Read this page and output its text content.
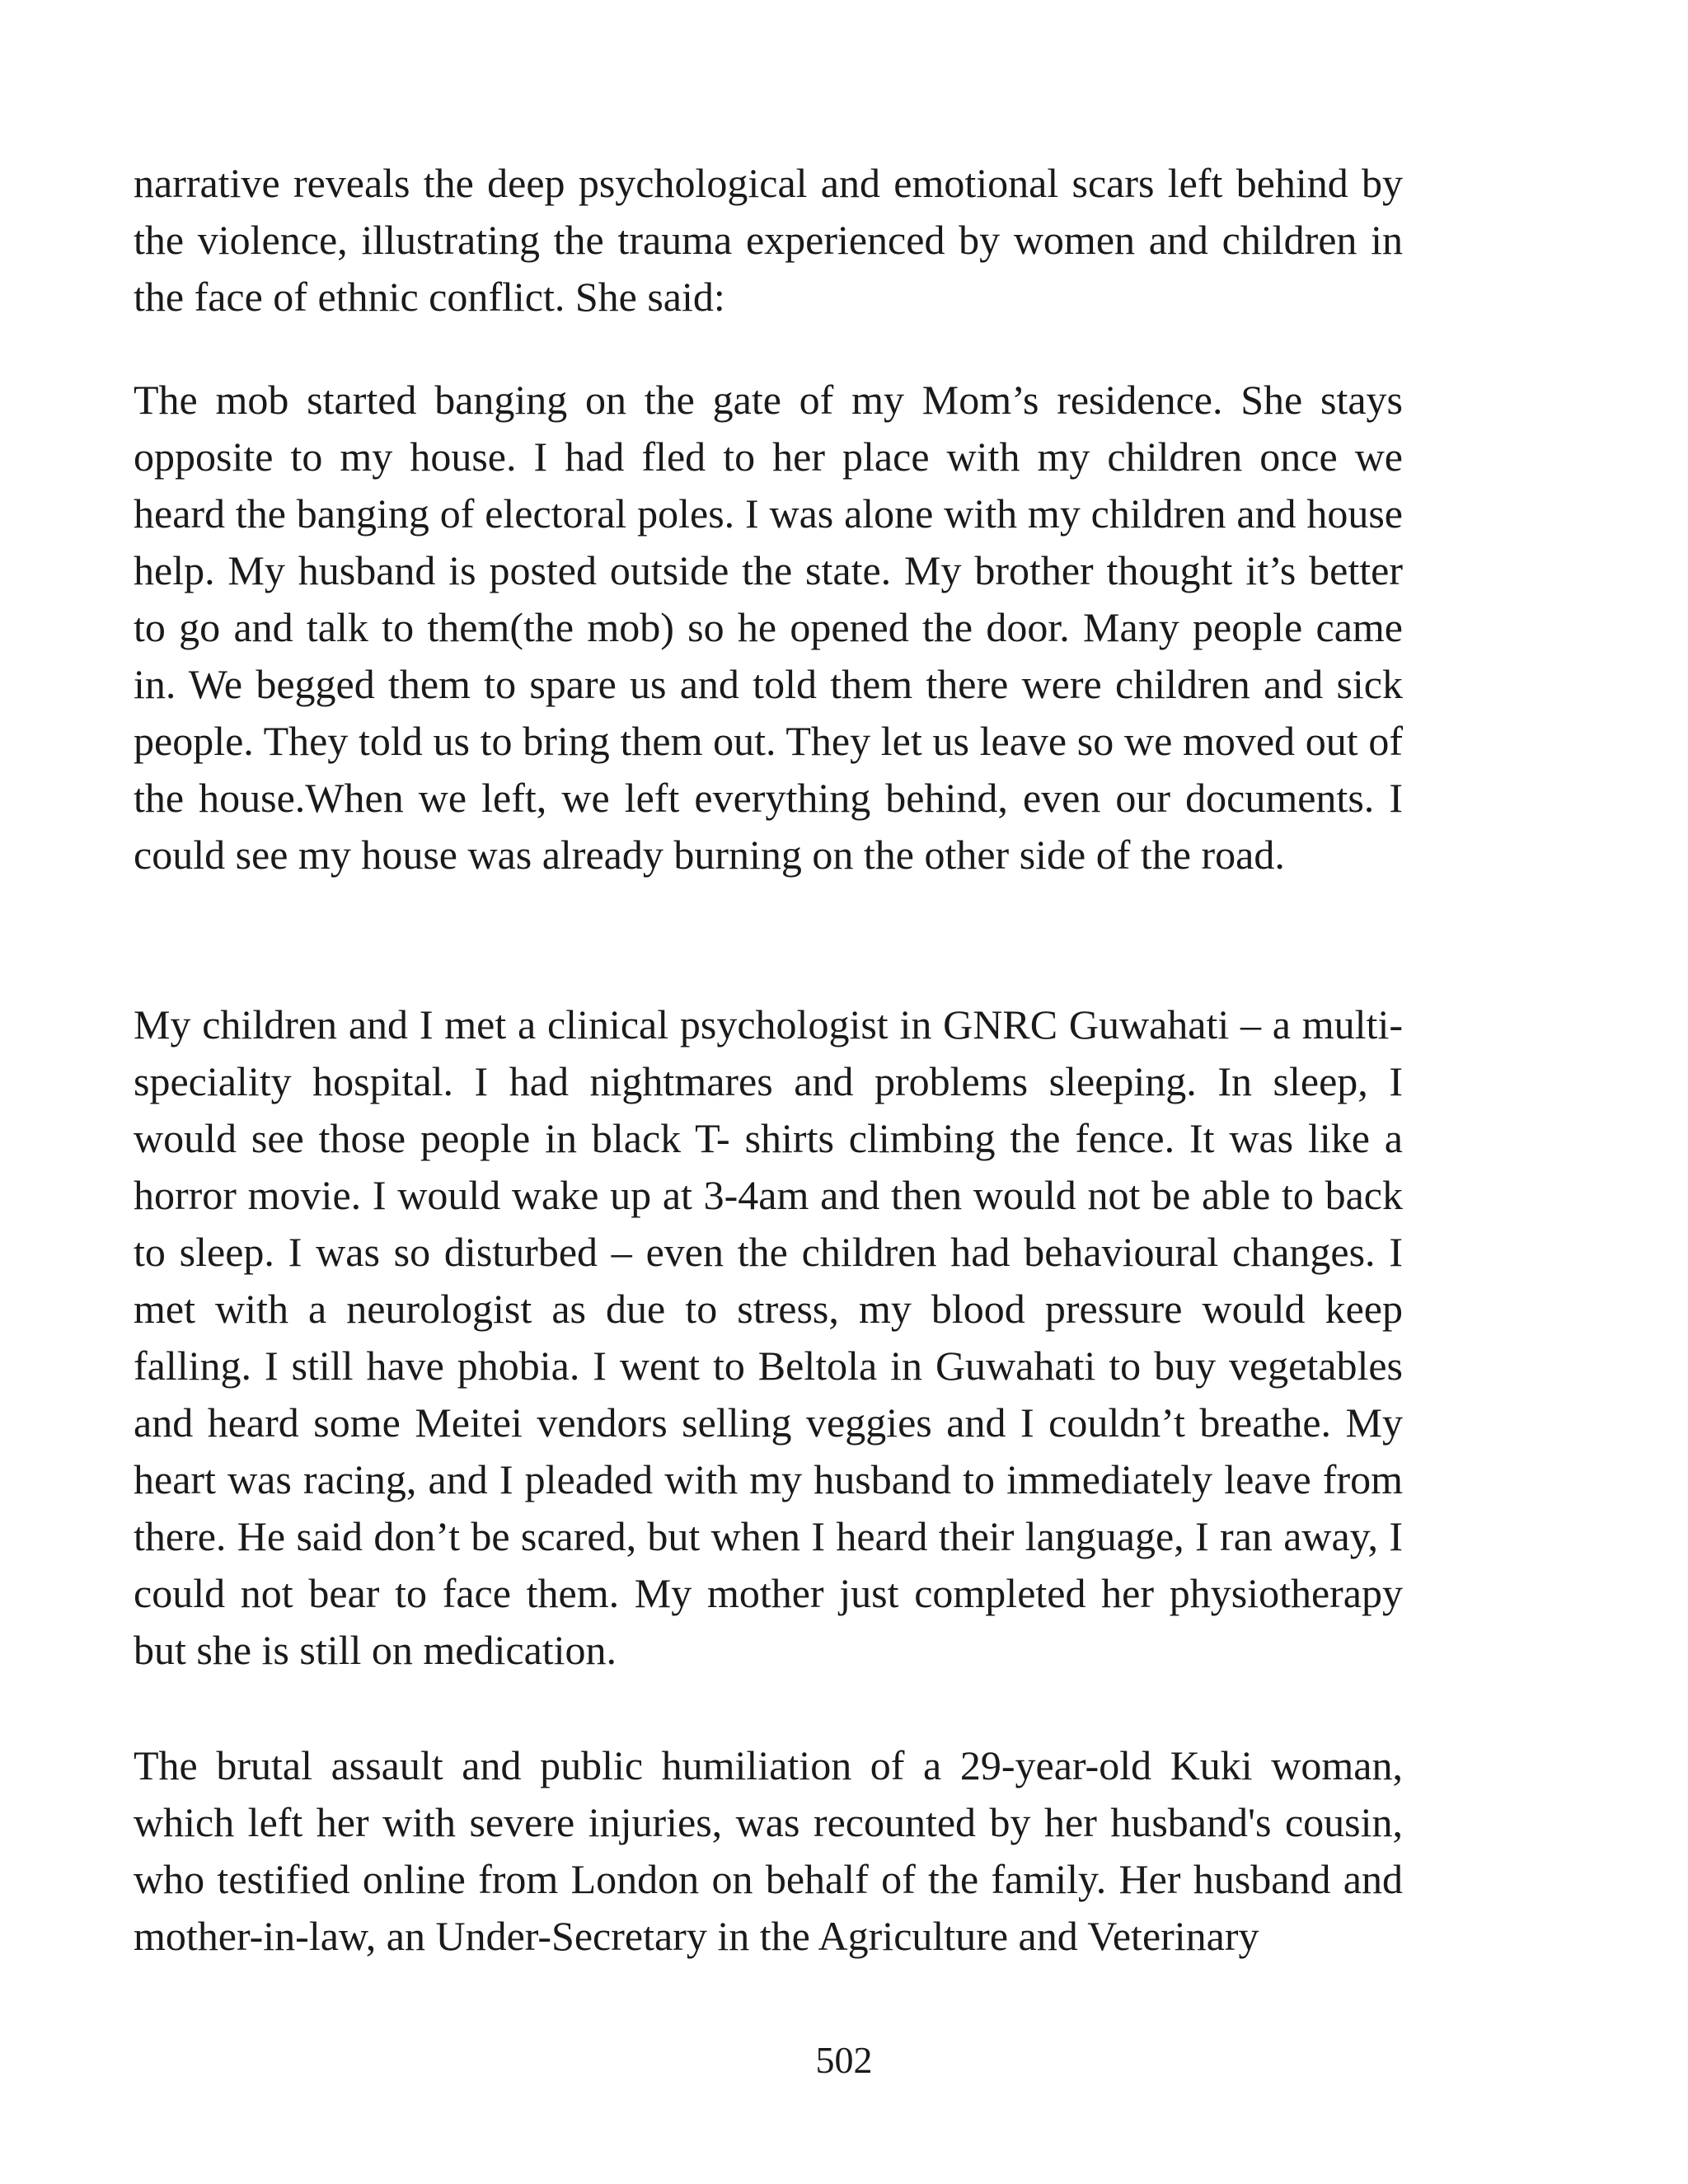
narrative reveals the deep psychological and emotional scars left behind by the violence, illustrating the trauma experienced by women and children in the face of ethnic conflict. She said:

The mob started banging on the gate of my Mom’s residence. She stays opposite to my house. I had fled to her place with my children once we heard the banging of electoral poles. I was alone with my children and house help. My husband is posted outside the state. My brother thought it’s better to go and talk to them(the mob) so he opened the door. Many people came in. We begged them to spare us and told them there were children and sick people. They told us to bring them out. They let us leave so we moved out of the house.When we left, we left everything behind, even our documents. I could see my house was already burning on the other side of the road.

My children and I met a clinical psychologist in GNRC Guwahati – a multi-speciality hospital. I had nightmares and problems sleeping. In sleep, I would see those people in black T- shirts climbing the fence. It was like a horror movie. I would wake up at 3-4am and then would not be able to back to sleep. I was so disturbed – even the children had behavioural changes. I met with a neurologist as due to stress, my blood pressure would keep falling. I still have phobia. I went to Beltola in Guwahati to buy vegetables and heard some Meitei vendors selling veggies and I couldn’t breathe. My heart was racing, and I pleaded with my husband to immediately leave from there. He said don’t be scared, but when I heard their language, I ran away, I could not bear to face them. My mother just completed her physiotherapy but she is still on medication.

The brutal assault and public humiliation of a 29-year-old Kuki woman, which left her with severe injuries, was recounted by her husband's cousin, who testified online from London on behalf of the family. Her husband and mother-in-law, an Under-Secretary in the Agriculture and Veterinary

502
